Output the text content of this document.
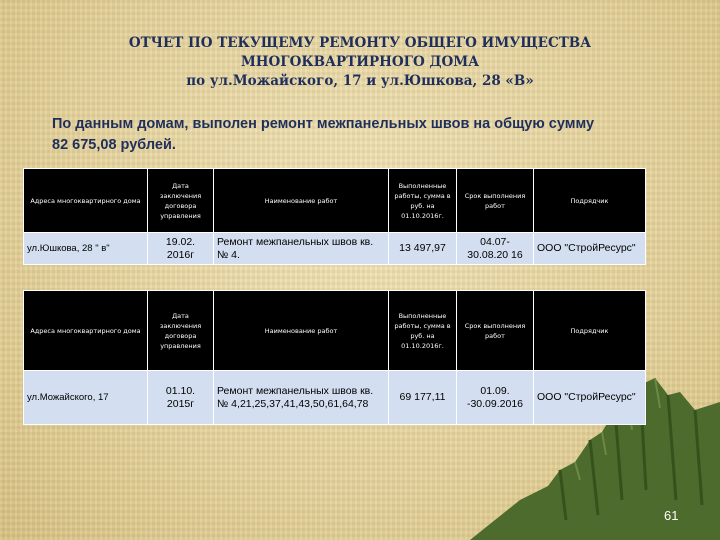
ОТЧЕТ ПО ТЕКУЩЕМУ РЕМОНТУ ОБЩЕГО ИМУЩЕСТВА
МНОГОКВАРТИРНОГО ДОМА
по ул.Можайского, 17 и ул.Юшкова, 28 «В»
По данным домам, выполен ремонт межпанельных швов на общую сумму
82 675,08 рублей.
Адреса многоквартирного дома	Дата заключения договора управления	Наименование работ	Выполненные работы, сумма в руб. на 01.10.2016г.	Срок выполнения работ	Подрядчик
ул.Юшкова, 28 " в"	19.02. 2016г	Ремонт межпанельных швов кв. № 4.	13 497,97	04.07-30.08.20 16	ООО "СтройРесурс"
Адреса многоквартирного дома	Дата заключения договора управления	Наименование работ	Выполненные работы, сумма в руб. на 01.10.2016г.	Срок выполнения работ	Подрядчик
ул.Можайского, 17	01.10. 2015г	Ремонт межпанельных швов кв. № 4,21,25,37,41,43,50,61,64,78	69 177,11	01.09. -30.09.2016	ООО "СтройРесурс"
61
